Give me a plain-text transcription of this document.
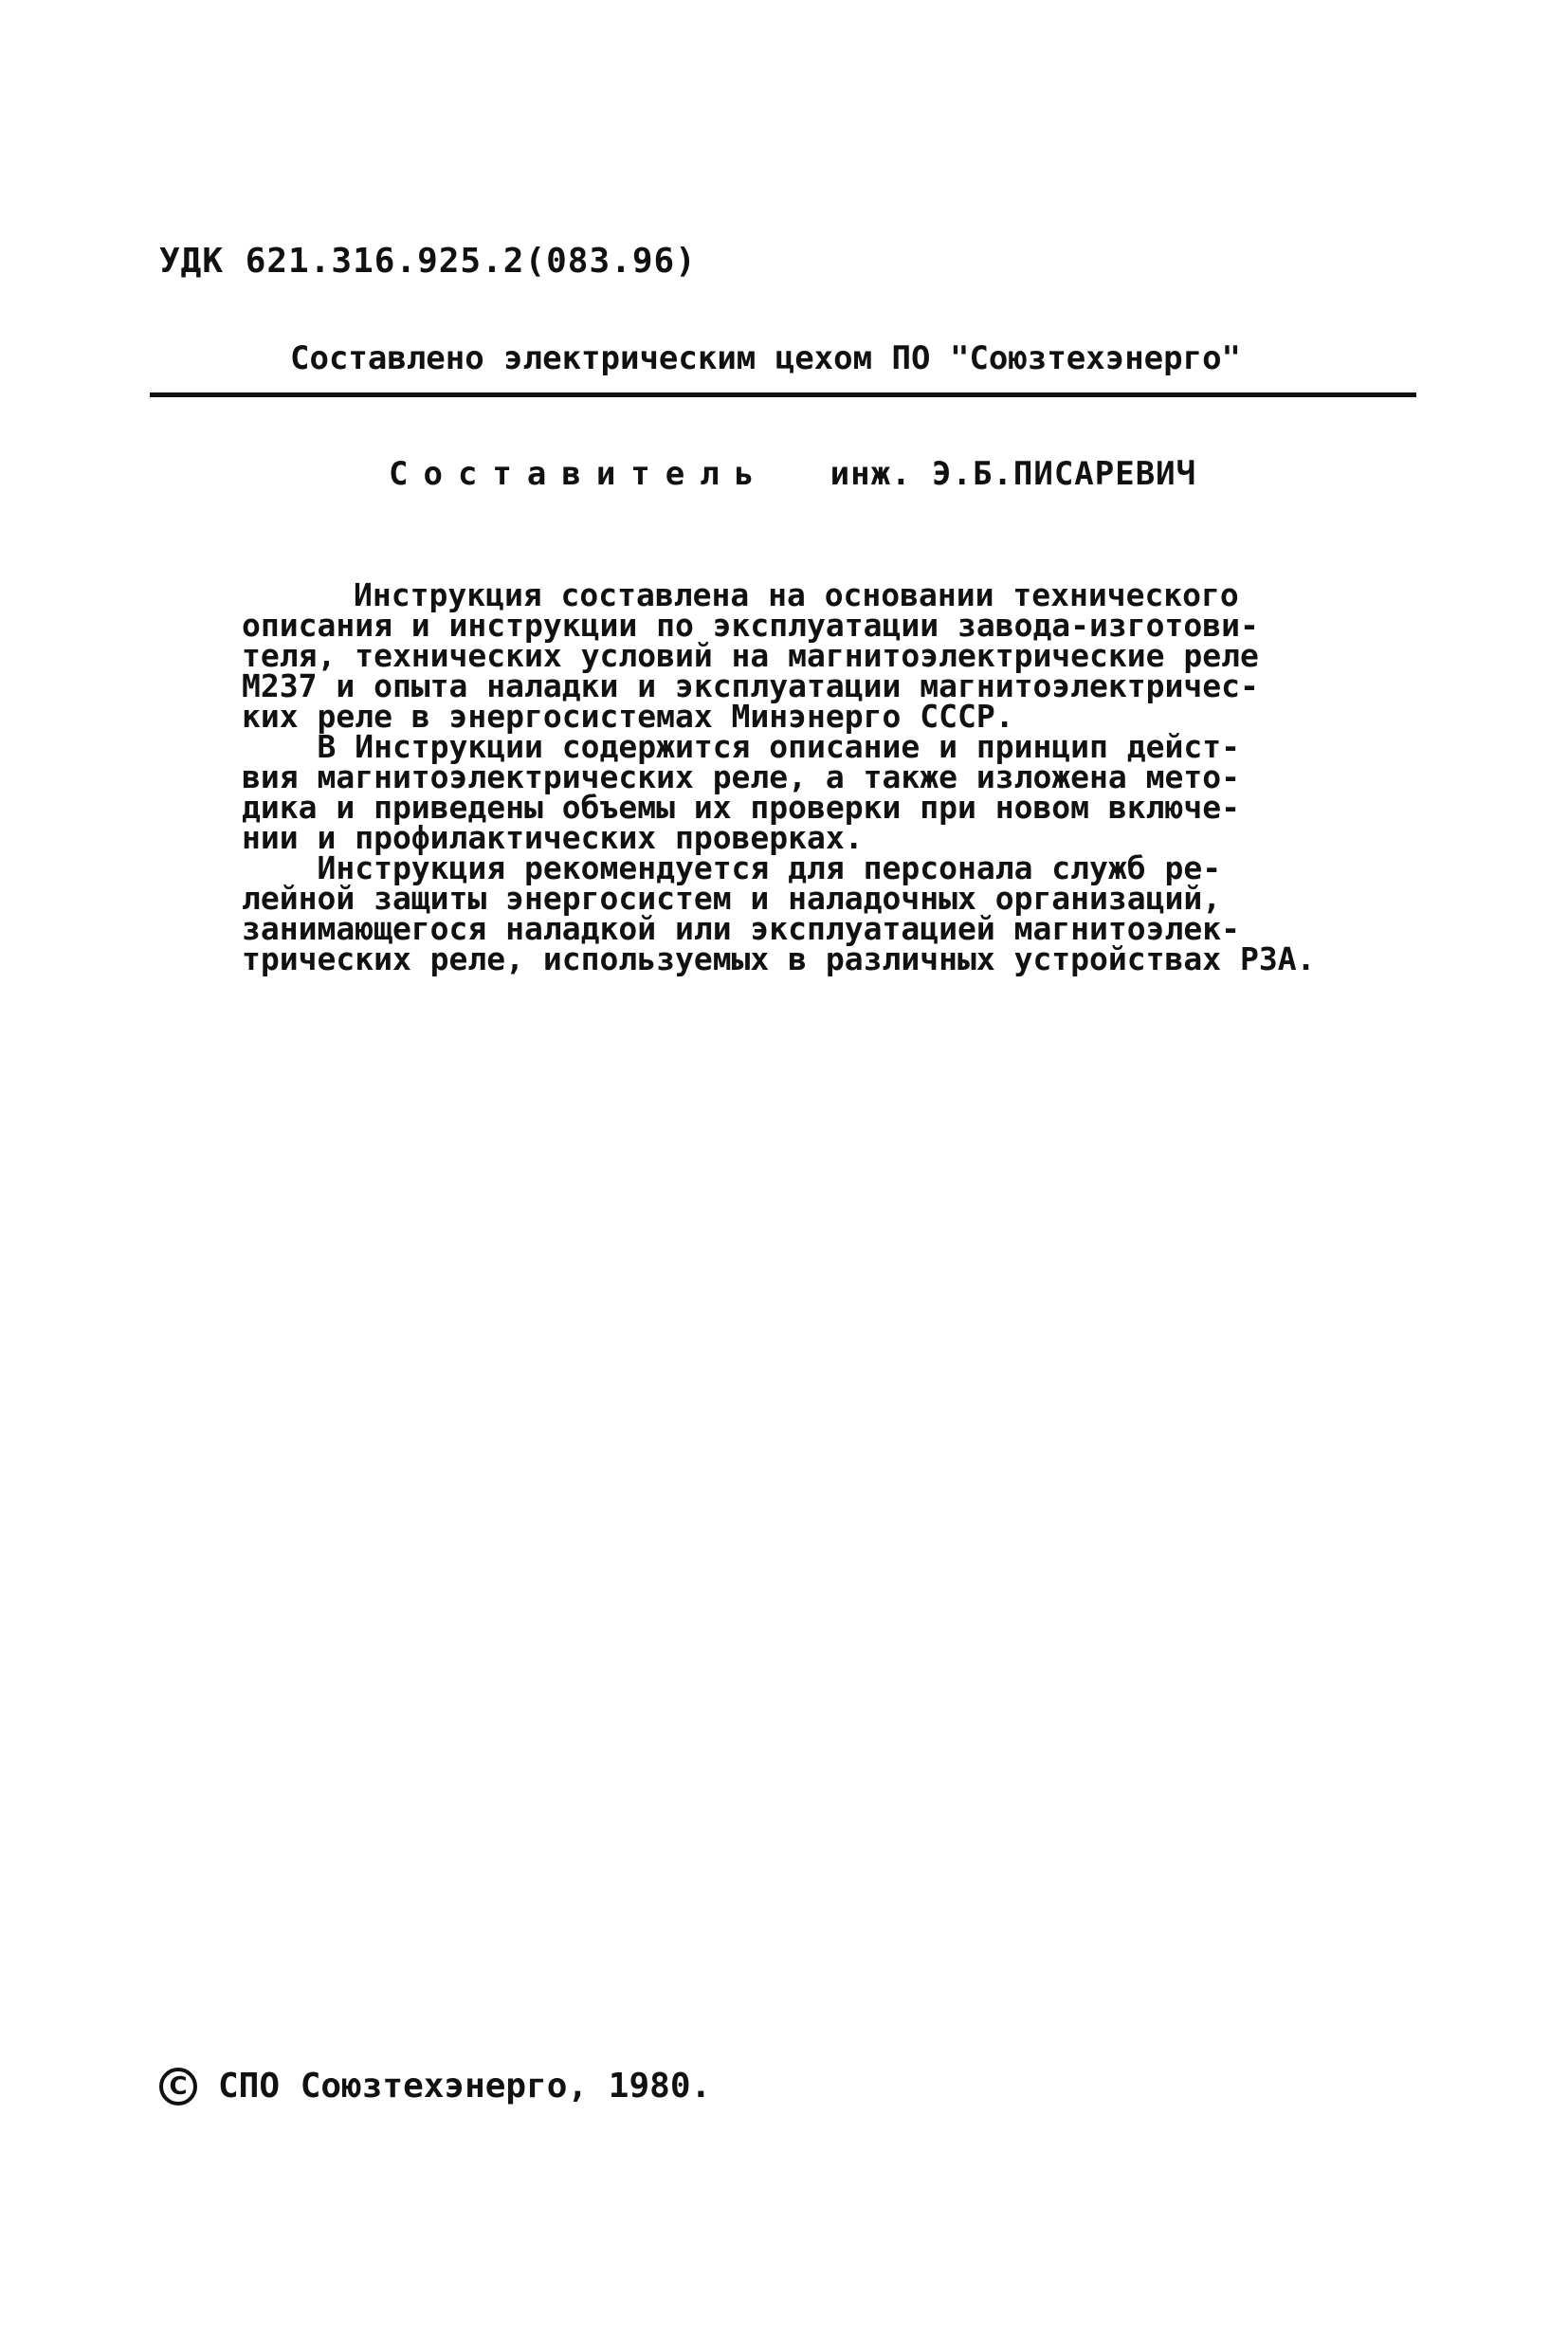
УДК 621.316.925.2(083.96)
Составлено электрическим цехом ПО "Союзтехэнерго"
Составитель инж. Э.Б.ПИСАРЕВИЧ
Инструкция составлена на основании технического
описания и инструкции по эксплуатации завода-изготови-
теля, технических условий на магнитоэлектрические реле
М237 и опыта наладки и эксплуатации магнитоэлектричес-
ких реле в энергосистемах Минэнерго СССР.
В Инструкции содержится описание и принцип дейст-
вия магнитоэлектрических реле, а также изложена мето-
дика и приведены объемы их проверки при новом включе-
нии и профилактических проверках.
Инструкция рекомендуется для персонала служб ре-
лейной защиты энергосистем и наладочных организаций,
занимающегося наладкой или эксплуатацией магнитоэлек-
трических реле, используемых в различных устройствах РЗА.
C СПО Союзтехэнерго, 1980.
